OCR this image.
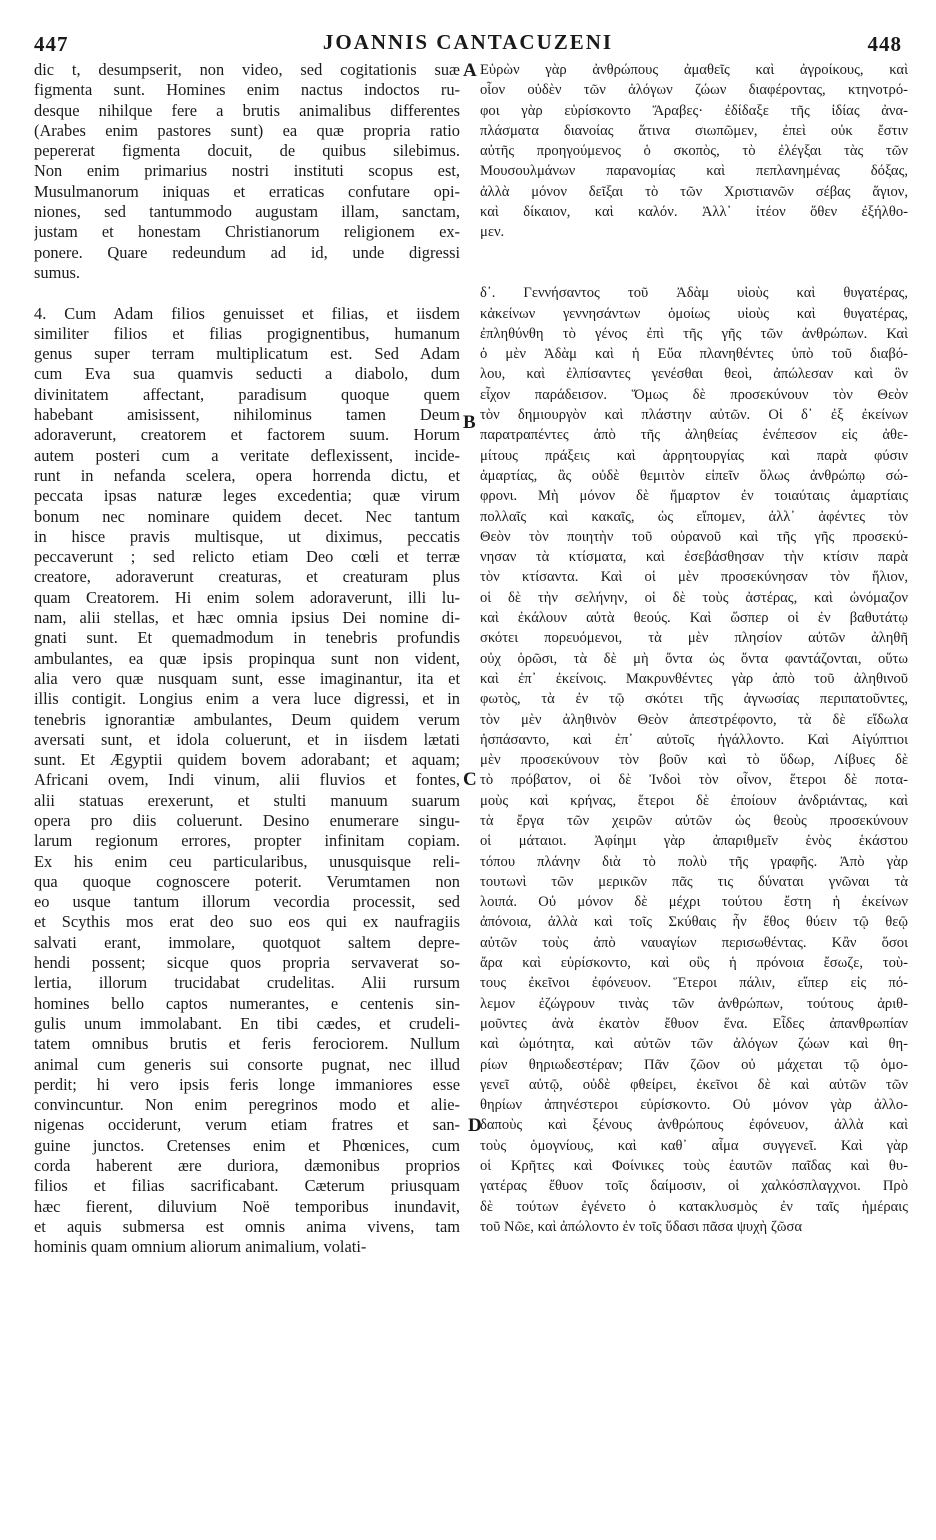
447	JOANNIS CANTACUZENI	448
dic t, desumpserit, non video, sed cogitationis suæ
figmenta sunt. Homines enim nactus indoctos ru-
desque nihilque fere a brutis animalibus differentes
(Arabes enim pastores sunt) ea quæ propria ratio
pepererat figmenta docuit, de quibus silebimus.
Non enim primarius nostri instituti scopus est,
Musulmanorum iniquas et erraticas confutare opi-
niones, sed tantummodo augustam illam, sanctam,
justam et honestam Christianorum religionem ex-
ponere. Quare redeundum ad id, unde digressi
sumus.
4. Cum Adam filios genuisset et filias, et iisdem
similiter filios et filias progignentibus, humanum
genus super terram multiplicatum est. Sed Adam
cum Eva sua quamvis seducti a diabolo, dum
divinitatem affectant, paradisum quoque quem
habebant amisissent, nihilominus tamen Deum
adoraverunt, creatorem et factorem suum. Horum
autem posteri cum a veritate deflexissent, incide-
runt in nefanda scelera, opera horrenda dictu, et
peccata ipsas naturæ leges excedentia; quæ virum
bonum nec nominare quidem decet. Nec tantum
in hisce pravis multisque, ut diximus, peccatis
peccaverunt ; sed relicto etiam Deo cœli et terræ
creatore, adoraverunt creaturas, et creaturam plus
quam Creatorem. Hi enim solem adoraverunt, illi lu-
nam, alii stellas, et hæc omnia ipsius Dei nomine di-
gnati sunt. Et quemadmodum in tenebris profundis
ambulantes, ea quæ ipsis propinqua sunt non vident,
alia vero quæ nusquam sunt, esse imaginantur, ita et
illis contigit. Longius enim a vera luce digressi, et in
tenebris ignorantiæ ambulantes, Deum quidem verum
aversati sunt, et idola coluerunt, et in iisdem lætati
sunt. Et Ægyptii quidem bovem adorabant; et aquam;
Africani ovem, Indi vinum, alii fluvios et fontes,
alii statuas erexerunt, et stulti manuum suarum
opera pro diis coluerunt. Desino enumerare singu-
larum regionum errores, propter infinitam copiam.
Ex his enim ceu particularibus, unusquisque reli-
qua quoque cognoscere poterit. Verumtamen non
eo usque tantum illorum vecordia processit, sed
et Scythis mos erat deo suo eos qui ex naufragiis
salvati erant, immolare, quotquot saltem depre-
hendi possent; sicque quos propria servaverat so-
lertia, illorum trucidabat crudelitas. Alii rursum
homines bello captos numerantes, e centenis sin-
gulis unum immolabant. En tibi cædes, et crudeli-
tatem omnibus brutis et feris ferociorem. Nullum
animal cum generis sui consorte pugnat, nec illud
perdit; hi vero ipsis feris longe immaniores esse
convincuntur. Non enim peregrinos modo et alie-
nigenas occiderunt, verum etiam fratres et san-
guine junctos. Cretenses enim et Phœnices, cum
corda haberent ære duriora, dæmonibus proprios
filios et filias sacrificabant. Cæterum priusquam
hæc fierent, diluvium Noë temporibus inundavit,
et aquis submersa est omnis anima vivens, tam
hominis quam omnium aliorum animalium, volati-
Εὑρὼν γὰρ ἀνθρώπους ἀμαθεῖς καὶ ἀγροίκους, καὶ
οἷον οὐδὲν τῶν ἀλόγων ζώων διαφέροντας, κτηνοτρό-
φοι γὰρ εὑρίσκοντο Ἄραβες· ἐδίδαξε τῆς ἰδίας ἀνα-
πλάσματα διανοίας ἅτινα σιωπῶμεν, ἐπεὶ οὐκ ἔστιν
αὐτῆς προηγούμενος ὁ σκοπὸς, τὸ ἐλέγξαι τὰς τῶν
Μουσουλμάνων παρανομίας καὶ πεπλανημένας δόξας,
ἀλλὰ μόνον δεῖξαι τὸ τῶν Χριστιανῶν σέβας ἅγιον,
καὶ δίκαιον, καὶ καλόν. Ἀλλ᾽ ἰτέον ὅθεν ἐξήλθο-
μεν.
δ᾽. Γεννήσαντος τοῦ Ἀδὰμ υἱοὺς καὶ θυγατέρας,
κἀκείνων γεννησάντων ὁμοίως υἱοὺς καὶ θυγατέρας,
ἐπληθύνθη τὸ γένος ἐπὶ τῆς γῆς τῶν ἀνθρώπων. Καὶ
ὁ μὲν Ἀδὰμ καὶ ἡ Εὔα πλανηθέντες ὑπὸ τοῦ διαβό-
λου, καὶ ἐλπίσαντες γενέσθαι θεοὶ, ἀπώλεσαν καὶ ὃν
εἶχον παράδεισον. Ὅμως δὲ προσεκύνουν τὸν Θεὸν
τὸν δημιουργὸν καὶ πλάστην αὐτῶν. Οἱ δ᾽ ἐξ ἐκείνων
παρατραπέντες ἀπὸ τῆς ἀληθείας ἐνέπεσον εἰς ἀθε-
μίτους πράξεις καὶ ἀρρητουργίας καὶ παρὰ φύσιν
ἁμαρτίας, ἃς οὐδὲ θεμιτὸν εἰπεῖν ὅλως ἀνθρώπῳ σώ-
φρονι. Μὴ μόνον δὲ ἥμαρτον ἐν τοιαύταις ἁμαρτίαις
πολλαῖς καὶ κακαῖς, ὡς εἴπομεν, ἀλλ᾽ ἀφέντες τὸν
Θεὸν τὸν ποιητὴν τοῦ οὐρανοῦ καὶ τῆς γῆς προσεκύ-
νησαν τὰ κτίσματα, καὶ ἐσεβάσθησαν τὴν κτίσιν παρὰ
τὸν κτίσαντα. Καὶ οἱ μὲν προσεκύνησαν τὸν ἥλιον,
οἱ δὲ τὴν σελήνην, οἱ δὲ τοὺς ἀστέρας, καὶ ὠνόμαζον
καὶ ἐκάλουν αὐτὰ θεούς. Καὶ ὥσπερ οἱ ἐν βαθυτάτῳ
σκότει πορευόμενοι, τὰ μὲν πλησίον αὐτῶν ἀληθῆ
οὐχ ὁρῶσι, τὰ δὲ μὴ ὄντα ὡς ὄντα φαντάζονται, οὕτω
καὶ ἐπ᾽ ἐκείνοις. Μακρυνθέντες γὰρ ἀπὸ τοῦ ἀληθινοῦ
φωτὸς, τὰ ἐν τῷ σκότει τῆς ἀγνωσίας περιπατοῦντες,
τὸν μὲν ἀληθινὸν Θεὸν ἀπεστρέφοντο, τὰ δὲ εἴδωλα
ἠσπάσαντο, καὶ ἐπ᾽ αὐτοῖς ἠγάλλοντο. Καὶ Αἰγύπτιοι
μὲν προσεκύνουν τὸν βοῦν καὶ τὸ ὕδωρ, Λίβυες δὲ
τὸ πρόβατον, οἱ δὲ Ἰνδοὶ τὸν οἶνον, ἕτεροι δὲ ποτα-
μοὺς καὶ κρήνας, ἕτεροι δὲ ἐποίουν ἀνδριάντας, καὶ
τὰ ἔργα τῶν χειρῶν αὐτῶν ὡς θεοὺς προσεκύνουν
οἱ μάταιοι. Ἀφίημι γὰρ ἀπαριθμεῖν ἑνὸς ἑκάστου
τόπου πλάνην διὰ τὸ πολὺ τῆς γραφῆς. Ἀπὸ γὰρ
τουτωνὶ τῶν μερικῶν πᾶς τις δύναται γνῶναι τὰ
λοιπά. Οὐ μόνον δὲ μέχρι τούτου ἔστη ἡ ἐκείνων
ἀπόνοια, ἀλλὰ καὶ τοῖς Σκύθαις ἦν ἔθος θύειν τῷ θεῷ
αὐτῶν τοὺς ἀπὸ ναυαγίων περισωθέντας. Κἂν ὅσοι
ἄρα καὶ εὑρίσκοντο, καὶ οὓς ἡ πρόνοια ἔσωζε, τοὺ-
τους ἐκεῖνοι ἐφόνευον. Ἕτεροι πάλιν, εἴπερ εἰς πό-
λεμον ἐζώγρουν τινὰς τῶν ἀνθρώπων, τούτους ἀριθ-
μοῦντες ἀνὰ ἑκατὸν ἔθυον ἕνα. Εἶδες ἀπανθρωπίαν
καὶ ὠμότητα, καὶ αὐτῶν τῶν ἀλόγων ζώων καὶ θη-
ρίων θηριωδεστέραν; Πᾶν ζῶον οὐ μάχεται τῷ ὁμο-
γενεῖ αὐτῷ, οὐδὲ φθείρει, ἐκεῖνοι δὲ καὶ αὐτῶν τῶν
θηρίων ἀπηνέστεροι εὑρίσκοντο. Οὐ μόνον γὰρ ἀλλο-
δαποὺς καὶ ξένους ἀνθρώπους ἐφόνευον, ἀλλὰ καὶ
τοὺς ὁμογνίους, καὶ καθ᾽ αἷμα συγγενεῖ. Καὶ γὰρ
οἱ Κρῆτες καὶ Φοίνικες τοὺς ἑαυτῶν παῖδας καὶ θυ-
γατέρας ἔθυον τοῖς δαίμοσιν, οἱ χαλκόσπλαγχνοι. Πρὸ
δὲ τούτων ἐγένετο ὁ κατακλυσμὸς ἐν ταῖς ἡμέραις
τοῦ Νῶε, καὶ ἀπώλοντο ἐν τοῖς ὕδασι πᾶσα ψυχὴ ζῶσα
A
B
C
D
